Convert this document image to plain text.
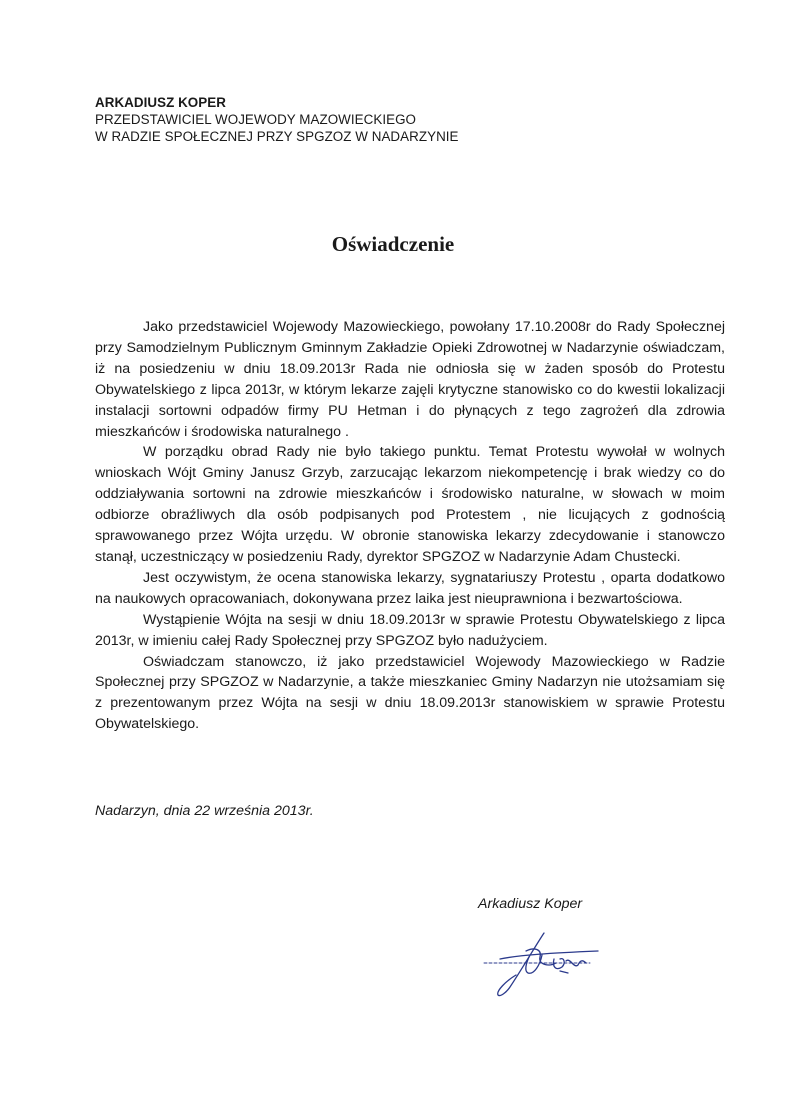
ARKADIUSZ KOPER
PRZEDSTAWICIEL WOJEWODY MAZOWIECKIEGO
W RADZIE SPOŁECZNEJ PRZY SPGZOZ W NADARZYNIE
Oświadczenie

Jako przedstawiciel Wojewody Mazowieckiego, powołany 17.10.2008r do Rady Społecznej przy Samodzielnym Publicznym Gminnym Zakładzie Opieki Zdrowotnej w Nadarzynie oświadczam, iż na posiedzeniu w dniu 18.09.2013r Rada nie odniosła się w żaden sposób do Protestu Obywatelskiego z lipca 2013r, w którym lekarze zajęli krytyczne stanowisko co do kwestii lokalizacji instalacji sortowni odpadów firmy PU Hetman i do płynących z tego zagrożeń dla zdrowia mieszkańców i środowiska naturalnego .

W porządku obrad Rady nie było takiego punktu. Temat Protestu wywołał w wolnych wnioskach Wójt Gminy Janusz Grzyb, zarzucając lekarzom niekompetencję i brak wiedzy co do oddziaływania sortowni na zdrowie mieszkańców i środowisko naturalne, w słowach w moim odbiorze obraźliwych dla osób podpisanych pod Protestem , nie licujących z godnością sprawowanego przez Wójta urzędu. W obronie stanowiska lekarzy zdecydowanie i stanowczo stanął, uczestniczący w posiedzeniu Rady, dyrektor SPGZOZ w Nadarzynie Adam Chustecki.

Jest oczywistym, że ocena stanowiska lekarzy, sygnatariuszy Protestu , oparta dodatkowo na naukowych opracowaniach, dokonywana przez laika jest nieuprawniona i bezwartościowa.

Wystąpienie Wójta na sesji w dniu 18.09.2013r w sprawie Protestu Obywatelskiego z lipca 2013r, w imieniu całej Rady Społecznej przy SPGZOZ było nadużyciem.

Oświadczam stanowczo, iż jako przedstawiciel Wojewody Mazowieckiego w Radzie Społecznej przy SPGZOZ w Nadarzynie, a także mieszkaniec Gminy Nadarzyn nie utożsamiam się z prezentowanym przez Wójta na sesji w dniu 18.09.2013r stanowiskiem w sprawie Protestu Obywatelskiego.

Nadarzyn, dnia 22 września 2013r.
Arkadiusz Koper
